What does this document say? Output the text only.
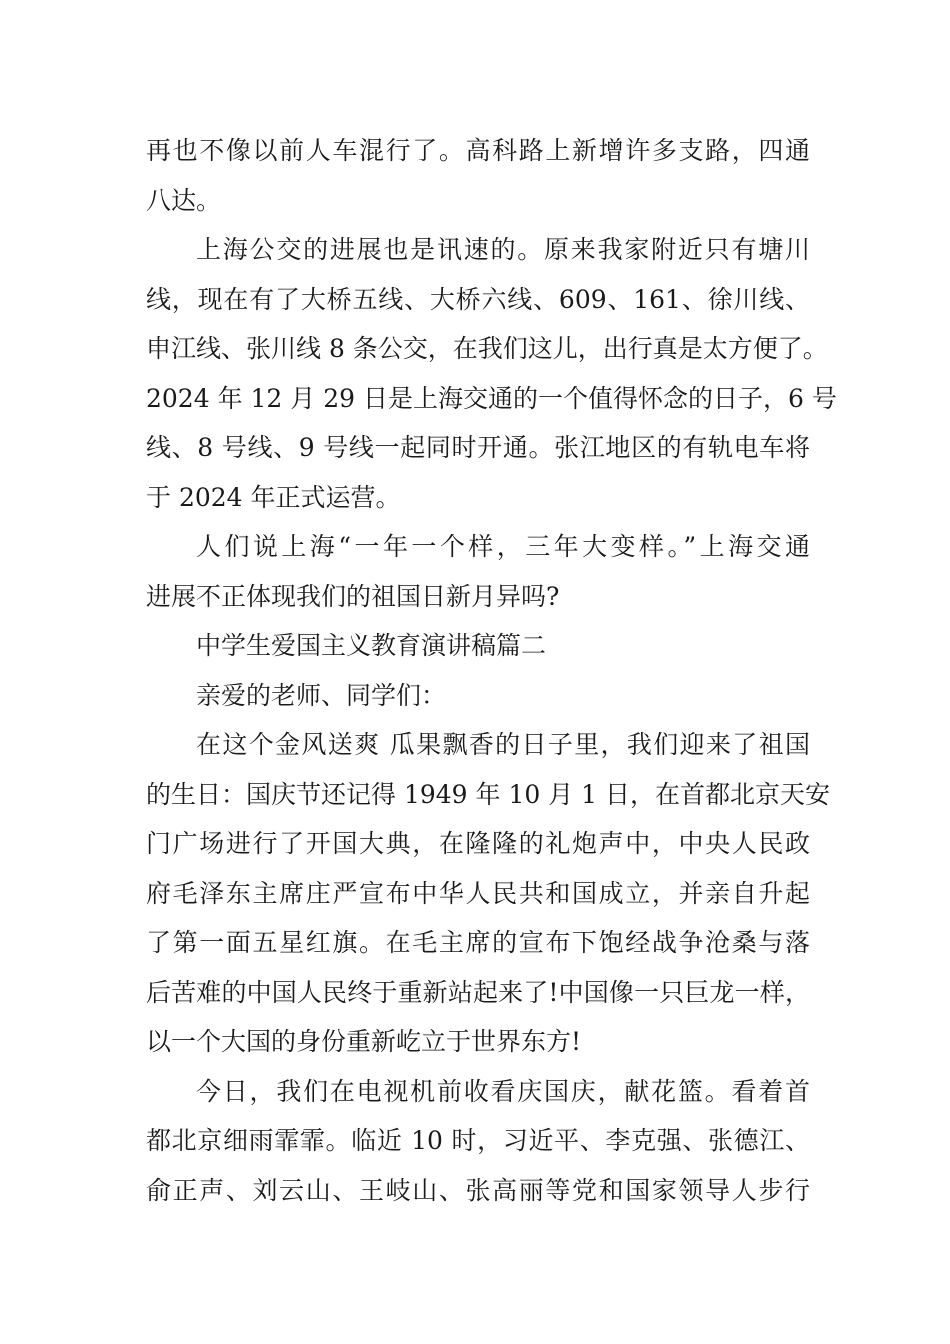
再也不像以前人车混行了。高科路上新增许多支路，四通
八达。
上海公交的进展也是讯速的。原来我家附近只有塘川
线，现在有了大桥五线、大桥六线、609、161、徐川线、
申江线、张川线 8 条公交，在我们这儿，出行真是太方便了。
2024 年 12 月 29 日是上海交通的一个值得怀念的日子，6 号
线、8 号线、9 号线一起同时开通。张江地区的有轨电车将
于 2024 年正式运营。
人们说上海“一年一个样，三年大变样。”上海交通
进展不正体现我们的祖国日新月异吗?
中学生爱国主义教育演讲稿篇二
亲爱的老师、同学们：
在这个金风送爽 瓜果飘香的日子里，我们迎来了祖国
的生日：国庆节还记得 1949 年 10 月 1 日，在首都北京天安
门广场进行了开国大典，在隆隆的礼炮声中，中央人民政
府毛泽东主席庄严宣布中华人民共和国成立，并亲自升起
了第一面五星红旗。在毛主席的宣布下饱经战争沧桑与落
后苦难的中国人民终于重新站起来了!中国像一只巨龙一样，
以一个大国的身份重新屹立于世界东方!
今日，我们在电视机前收看庆国庆，献花篮。看着首
都北京细雨霏霏。临近 10 时，习近平、李克强、张德江、
俞正声、刘云山、王岐山、张高丽等党和国家领导人步行
